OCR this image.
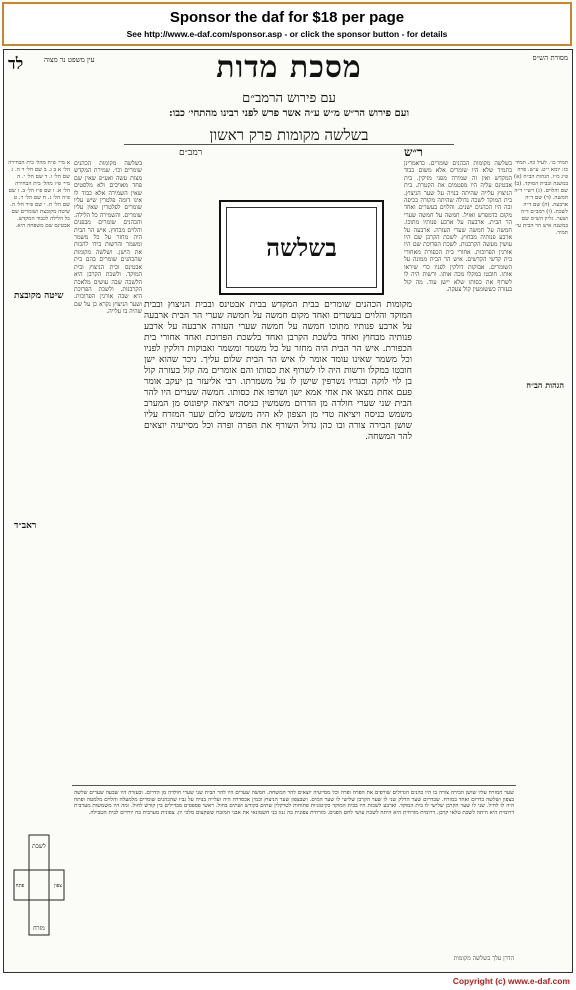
Sponsor the daf for $18 per page
See http://www.e-daf.com/sponsor.asp - or click the sponsor button - for details
לד	עין משפט נר מצוה	מסורת הש״ס
מסכת מדות
עם פירוש הרמב״ם
ועם פירוש הר״ש מ״ש ע״ה אשר פרש לפני רבינו מהתחי׳ כבו:
בשלשה מקומות פרק ראשון
ר״ש
רמב״ם
בשלשה
מקומות הכהנים שומרים בבית המקדש בבית אבטינס ובבית הניצוץ ובבית המוקד והלוים בעשרים ואחד מקום חמשה על חמשה שערי הר הבית ארבעה על ארבע פנותיו מתוכו חמשה על חמשה שערי העזרה ארבעה על ארבע פנותיה מבחוץ ואחד בלשכת הקרבן ואחד בלשכת הפרוכת ואחד אחורי בית הכפורת. איש הר הבית היה מחזר על כל משמר ומשמר ואבוקות דולקין לפניו וכל משמר שאינו עומד אומר לו איש הר הבית שלום עליך. ניכר שהוא ישן חובטו במקלו ורשות היה לו לשרוף את כסותו והם אומרים מה קול בעזרה קול בן לוי לוקה ובגדיו נשרפין שישן לו על משמרתו. רבי אליעזר בן יעקב אומר פעם אחת מצאו את אחי אמא ישן ושרפו את כסותו. חמשה שערים היו להר הבית שני שערי חולדה מן הדרום משמשין כניסה ויציאה קיפונוס מן המערב משמש כניסה ויציאה טדי מן הצפון לא היה משמש כלום שער המזרח עליו שושן הבירה צורה ובו כהן גדול השורף את הפרה ופרה וכל מסייעיה יוצאים להר המשחה.
בשלשה מקומות הכהנים שומרים. כדאמרינן בתמיד שלא היו שומרים אלא משום כבוד המקדש ואין זה שמירה מפני מזיקין. בית אבטינס עליה היו מפטמים את הקטרת. בית הניצוץ עלייה שהיתה בנויה על שער הניצוץ. בית המוקד לשכה גדולה שהיתה מקורה בכיפה ובה היו הכהנים ישנים. והלוים בעשרים ואחד מקום כדמפרש ואזיל. חמשה על חמשה שערי הר הבית. ארבעה על ארבע פנותיו מתוכו. חמשה על חמשה שערי העזרה. ארבעה על ארבע פנותיה מבחוץ. לשכת הקרבן שם היו עושין מעשה הקרבנות. לשכת הפרוכת שם היו אורגין הפרוכות. אחורי בית הכפורת מאחורי בית קדשי הקדשים. איש הר הבית ממונה על השומרים. אבוקות דולקין לפניו כדי שיראו אותו. חובטו במקלו מכה אותו. ורשות היה לו לשרוף את כסותו שלא יישן עוד. מה קול בעזרה כששומעין קול צעקה.
בשלשה מקומות הכהנים שומרים וכו׳. שמירת המקדש מצות עשה ואע״פ שאין שם פחד מאויבים ולא מלסטים שאין השמירה אלא כבוד לו אינו דומה פלטרין שיש עליו שומרים לפלטרין שאין עליו שומרים. והשמירה כל הלילה. והכהנים שומרים מבפנים והלוים מבחוץ. איש הר הבית היה מחזר על כל משמר ומשמר והרשות בידו להכות את הישן. ושלשה מקומות שהכהנים שומרים בהם בית אבטינס ובית הניצוץ ובית המוקד. ולשכת הקרבן היא הלשכה שבה עושים מלאכת הקרבנות. ולשכת הפרוכת היא שבה אורגין הפרוכות. ושער הניצוץ נקרא כן על שם שהיה בו עלייה.
א מיי׳ פ״ח מהל׳ בית הבחירה הל׳ א ב ג. ב שם הל׳ ד ה. ג שם הל׳ ו. ד שם הל׳ י. ה מיי׳ פ״ו מהל׳ בית הבחירה הל׳ א. ו שם פ״ז הל׳ ב. ז שם פ״ה הל׳ ג. ח שם הל׳ ד. ט שם הל׳ ח. י שם פ״ד הל׳ ה. שיטה מקובצת ושומרים שם כל הלילה לכבוד המקדש. אבטינס שם משפחה היא.
תמיד כו׳. לעיל כה. תמיד כז: יומא י״ט. ע״ש. פרה פ״ג מ״ו. הגהות הב״ח (א) במשנה ובבית המוקד. (ב) שם והלוים. (ג) רש״י ד״ה חמשה. (ד) שם ד״ה ארבעה. (ה) שם ד״ה לשכת. (ו) רמב״ם ד״ה ושער. גליון הש״ס שם במשנה איש הר הבית עי׳ תמיד.
הגהות הב״ח
שיטה מקובצת
ראב״ד
שער המזרח עליו שושן הבירה צורה בו היו כהנים הגדולים שורפים את הפרה ופרה וכל מסייעיה יוצאים להר המשחה. חמשה שערים היו להר הבית שני שערי חולדה מן הדרום. ובעזרה היו שבעה שערים שלשה בצפון ושלשה בדרום ואחד במזרח. שבדרום שער הדלק שני לו שער הקרבן שלישי לו שער המים. ושבצפון שער הניצוץ וכמין אכסדרה היה ועלייה בנויה על גביו שהכהנים שומרים מלמעלה והלוים מלמטה ופתח היה לו לחיל. שני לו שער הקרבן שלישי לו בית המוקד. וארבע לשכות היו בבית המוקד כקיטוניות פתוחות לטרקלין שתים בקודש ושתים בחול. ראשי פספסים מבדילים בין קודש לחול. ומה היו משמשות מערבית דרומית היא היתה לשכת טלאי קרבן. דרומית מזרחית היא היתה לשכת עושי לחם הפנים. מזרחית צפונית בה גנזו בני חשמונאי את אבני המזבח ששקצום מלכי יון. צפונית מערבית בה יורדים לבית הטבילה.
לשכת
פתח	צפון
מזרח
הדרן עלך בשלשה מקומות
Copyright (c) www.e-daf.com
